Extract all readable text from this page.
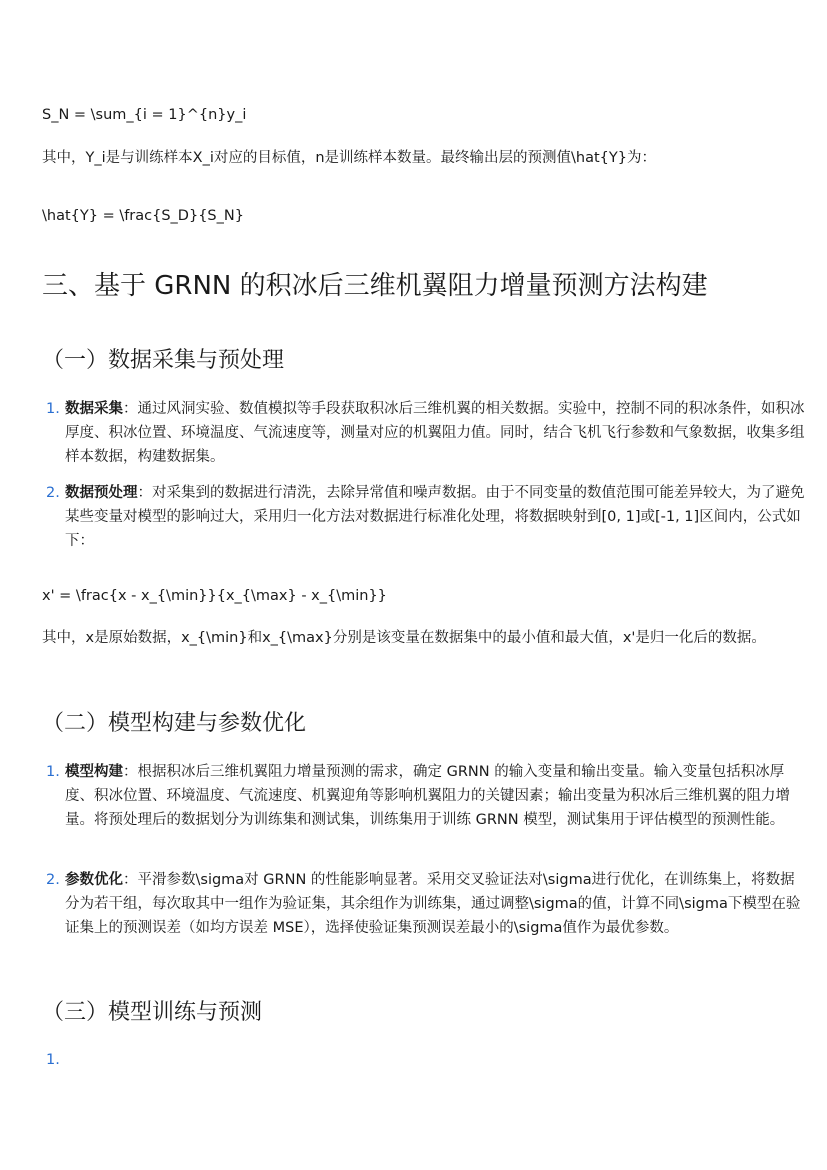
S_N = \sum_{i = 1}^{n}y_i

其中，Y_i是与训练样本X_i对应的目标值，n是训练样本数量。最终输出层的预测值\hat{Y}为：

\hat{Y} = \frac{S_D}{S_N}

三、基于 GRNN 的积冰后三维机翼阻力增量预测方法构建
（一）数据采集与预处理
1. 数据采集：通过风洞实验、数值模拟等手段获取积冰后三维机翼的相关数据。实验中，控制不同的积冰条件，如积冰厚度、积冰位置、环境温度、气流速度等，测量对应的机翼阻力值。同时，结合飞机飞行参数和气象数据，收集多组样本数据，构建数据集。
2. 数据预处理：对采集到的数据进行清洗，去除异常值和噪声数据。由于不同变量的数值范围可能差异较大，为了避免某些变量对模型的影响过大，采用归一化方法对数据进行标准化处理，将数据映射到[0, 1]或[-1, 1]区间内，公式如下：

x' = \frac{x - x_{\min}}{x_{\max} - x_{\min}}

其中，x是原始数据，x_{\min}和x_{\max}分别是该变量在数据集中的最小值和最大值，x'是归一化后的数据。

（二）模型构建与参数优化
1. 模型构建：根据积冰后三维机翼阻力增量预测的需求，确定 GRNN 的输入变量和输出变量。输入变量包括积冰厚度、积冰位置、环境温度、气流速度、机翼迎角等影响机翼阻力的关键因素；输出变量为积冰后三维机翼的阻力增量。将预处理后的数据划分为训练集和测试集，训练集用于训练 GRNN 模型，测试集用于评估模型的预测性能。
2. 参数优化：平滑参数\sigma对 GRNN 的性能影响显著。采用交叉验证法对\sigma进行优化，在训练集上，将数据分为若干组，每次取其中一组作为验证集，其余组作为训练集，通过调整\sigma的值，计算不同\sigma下模型在验证集上的预测误差（如均方误差 MSE），选择使验证集预测误差最小的\sigma值作为最优参数。
（三）模型训练与预测
1.
